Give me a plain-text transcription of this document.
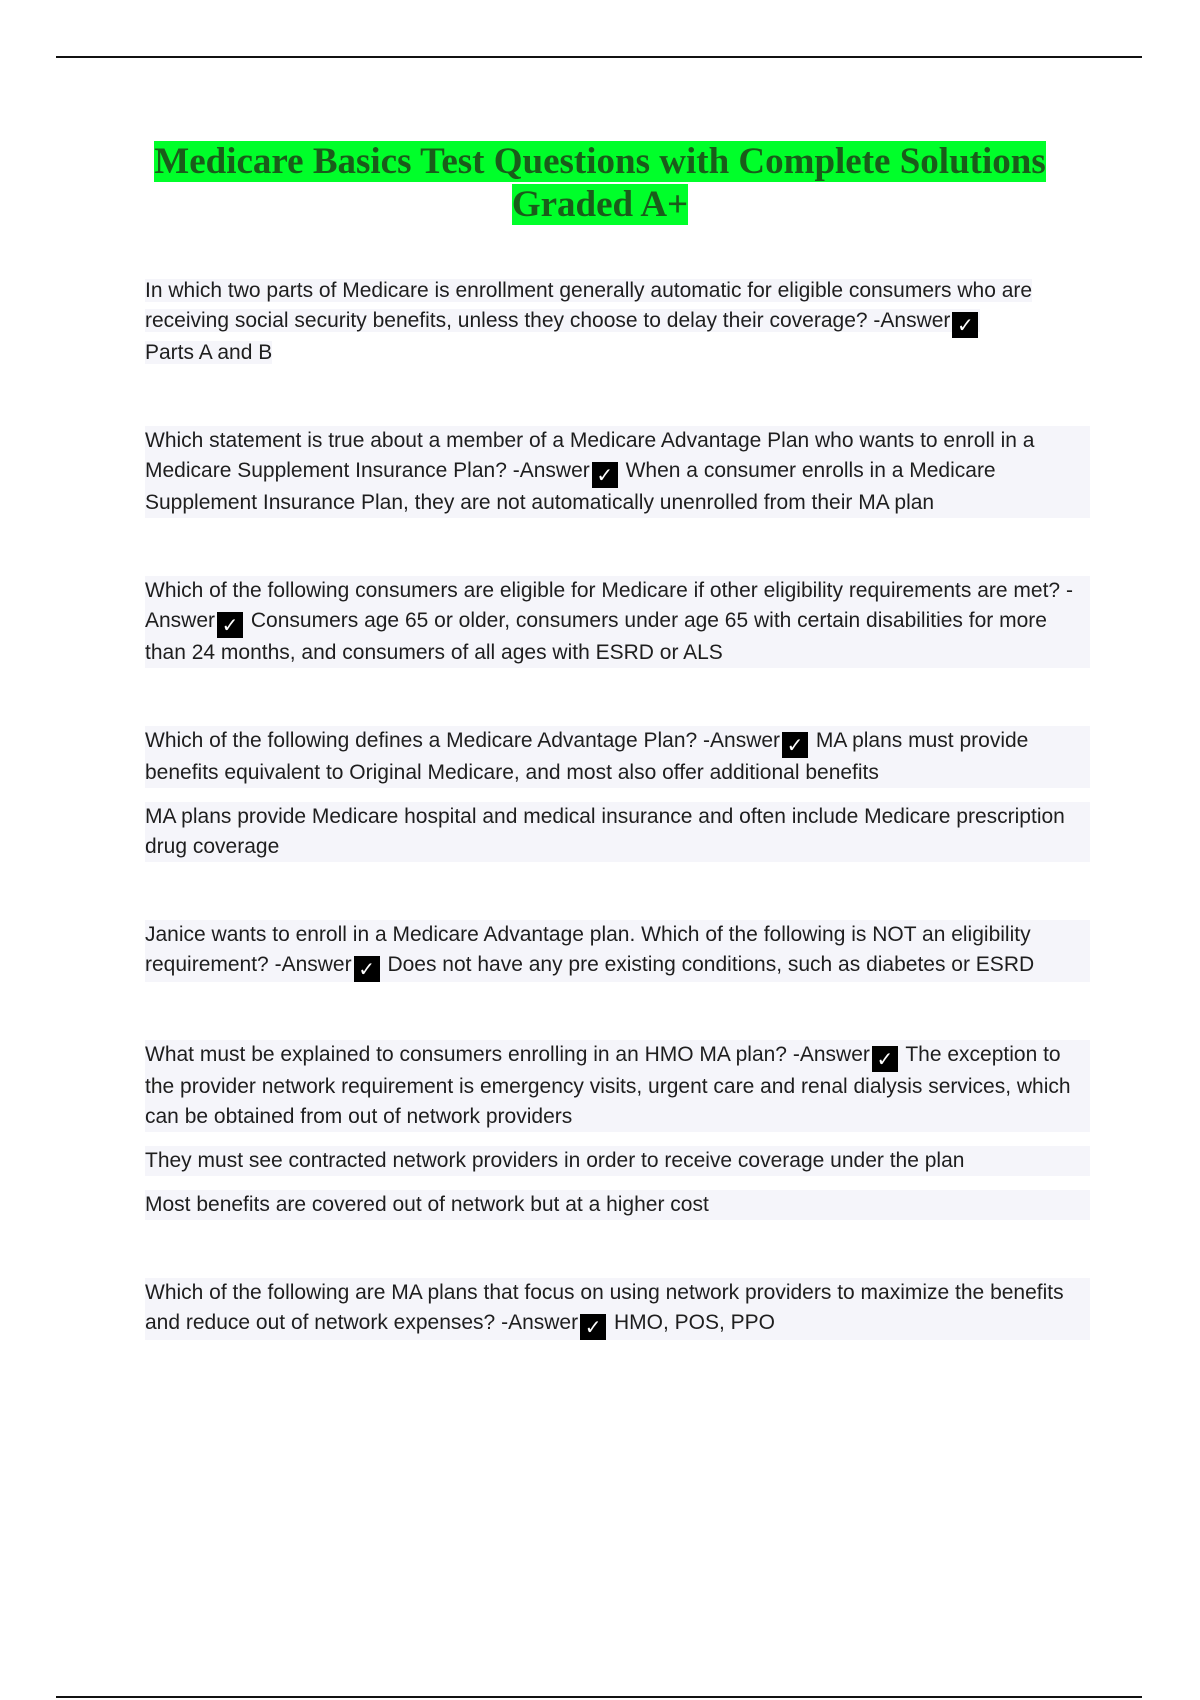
Medicare Basics Test Questions with Complete Solutions Graded A+

In which two parts of Medicare is enrollment generally automatic for eligible consumers who are receiving social security benefits, unless they choose to delay their coverage? -Answer ✓
Parts A and B

Which statement is true about a member of a Medicare Advantage Plan who wants to enroll in a Medicare Supplement Insurance Plan? -Answer ✓ When a consumer enrolls in a Medicare Supplement Insurance Plan, they are not automatically unenrolled from their MA plan

Which of the following consumers are eligible for Medicare if other eligibility requirements are met? -Answer ✓ Consumers age 65 or older, consumers under age 65 with certain disabilities for more than 24 months, and consumers of all ages with ESRD or ALS

Which of the following defines a Medicare Advantage Plan? -Answer ✓ MA plans must provide benefits equivalent to Original Medicare, and most also offer additional benefits

MA plans provide Medicare hospital and medical insurance and often include Medicare prescription drug coverage

Janice wants to enroll in a Medicare Advantage plan. Which of the following is NOT an eligibility requirement? -Answer ✓ Does not have any pre existing conditions, such as diabetes or ESRD

What must be explained to consumers enrolling in an HMO MA plan? -Answer ✓ The exception to the provider network requirement is emergency visits, urgent care and renal dialysis services, which can be obtained from out of network providers

They must see contracted network providers in order to receive coverage under the plan

Most benefits are covered out of network but at a higher cost

Which of the following are MA plans that focus on using network providers to maximize the benefits and reduce out of network expenses? -Answer ✓ HMO, POS, PPO
